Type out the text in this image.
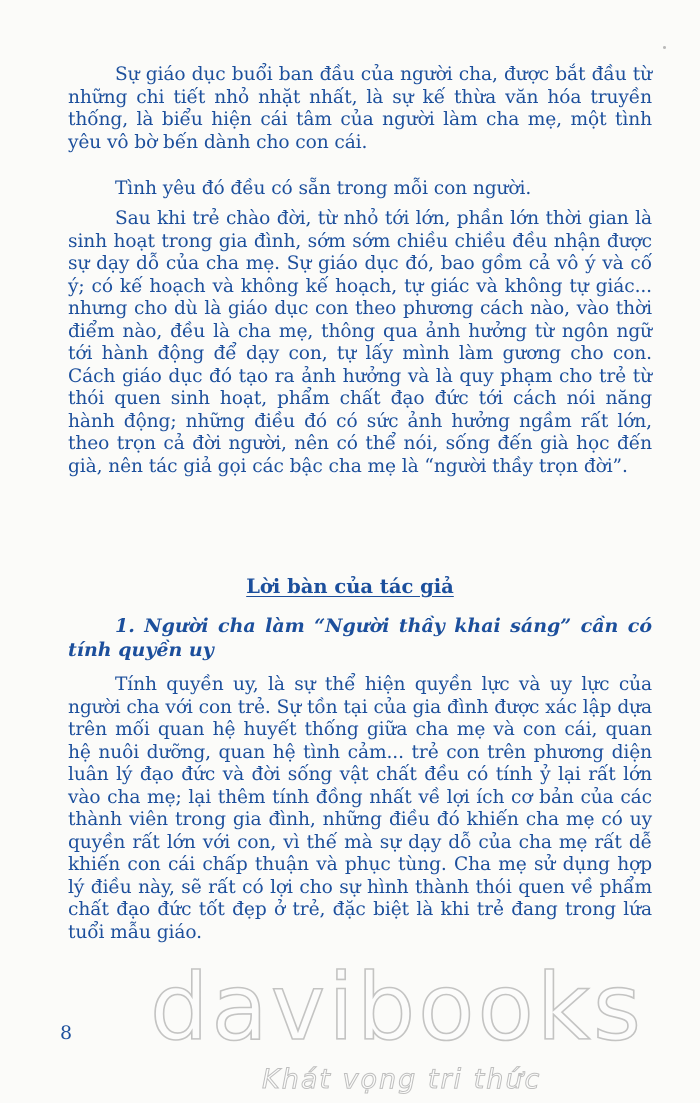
Sự giáo dục buổi ban đầu của người cha, được bắt đầu từ những chi tiết nhỏ nhặt nhất, là sự kế thừa văn hóa truyền thống, là biểu hiện cái tâm của người làm cha mẹ, một tình yêu vô bờ bến dành cho con cái.

Tình yêu đó đều có sẵn trong mỗi con người.

Sau khi trẻ chào đời, từ nhỏ tới lớn, phần lớn thời gian là sinh hoạt trong gia đình, sớm sớm chiều chiều đều nhận được sự dạy dỗ của cha mẹ. Sự giáo dục đó, bao gồm cả vô ý và cố ý; có kế hoạch và không kế hoạch, tự giác và không tự giác... nhưng cho dù là giáo dục con theo phương cách nào, vào thời điểm nào, đều là cha mẹ, thông qua ảnh hưởng từ ngôn ngữ tới hành động để dạy con, tự lấy mình làm gương cho con. Cách giáo dục đó tạo ra ảnh hưởng và là quy phạm cho trẻ từ thói quen sinh hoạt, phẩm chất đạo đức tới cách nói năng hành động; những điều đó có sức ảnh hưởng ngầm rất lớn, theo trọn cả đời người, nên có thể nói, sống đến già học đến già, nên tác giả gọi các bậc cha mẹ là “người thầy trọn đời”.

Lời bàn của tác giả
1. Người cha làm “Người thầy khai sáng” cần có tính quyền uy

Tính quyền uy, là sự thể hiện quyền lực và uy lực của người cha với con trẻ. Sự tồn tại của gia đình được xác lập dựa trên mối quan hệ huyết thống giữa cha mẹ và con cái, quan hệ nuôi dưỡng, quan hệ tình cảm... trẻ con trên phương diện luân lý đạo đức và đời sống vật chất đều có tính ỷ lại rất lớn vào cha mẹ; lại thêm tính đồng nhất về lợi ích cơ bản của các thành viên trong gia đình, những điều đó khiến cha mẹ có uy quyền rất lớn với con, vì thế mà sự dạy dỗ của cha mẹ rất dễ khiến con cái chấp thuận và phục tùng. Cha mẹ sử dụng hợp lý điều này, sẽ rất có lợi cho sự hình thành thói quen về phẩm chất đạo đức tốt đẹp ở trẻ, đặc biệt là khi trẻ đang trong lứa tuổi mẫu giáo.

8 davibooks
Khát vọng tri thức
